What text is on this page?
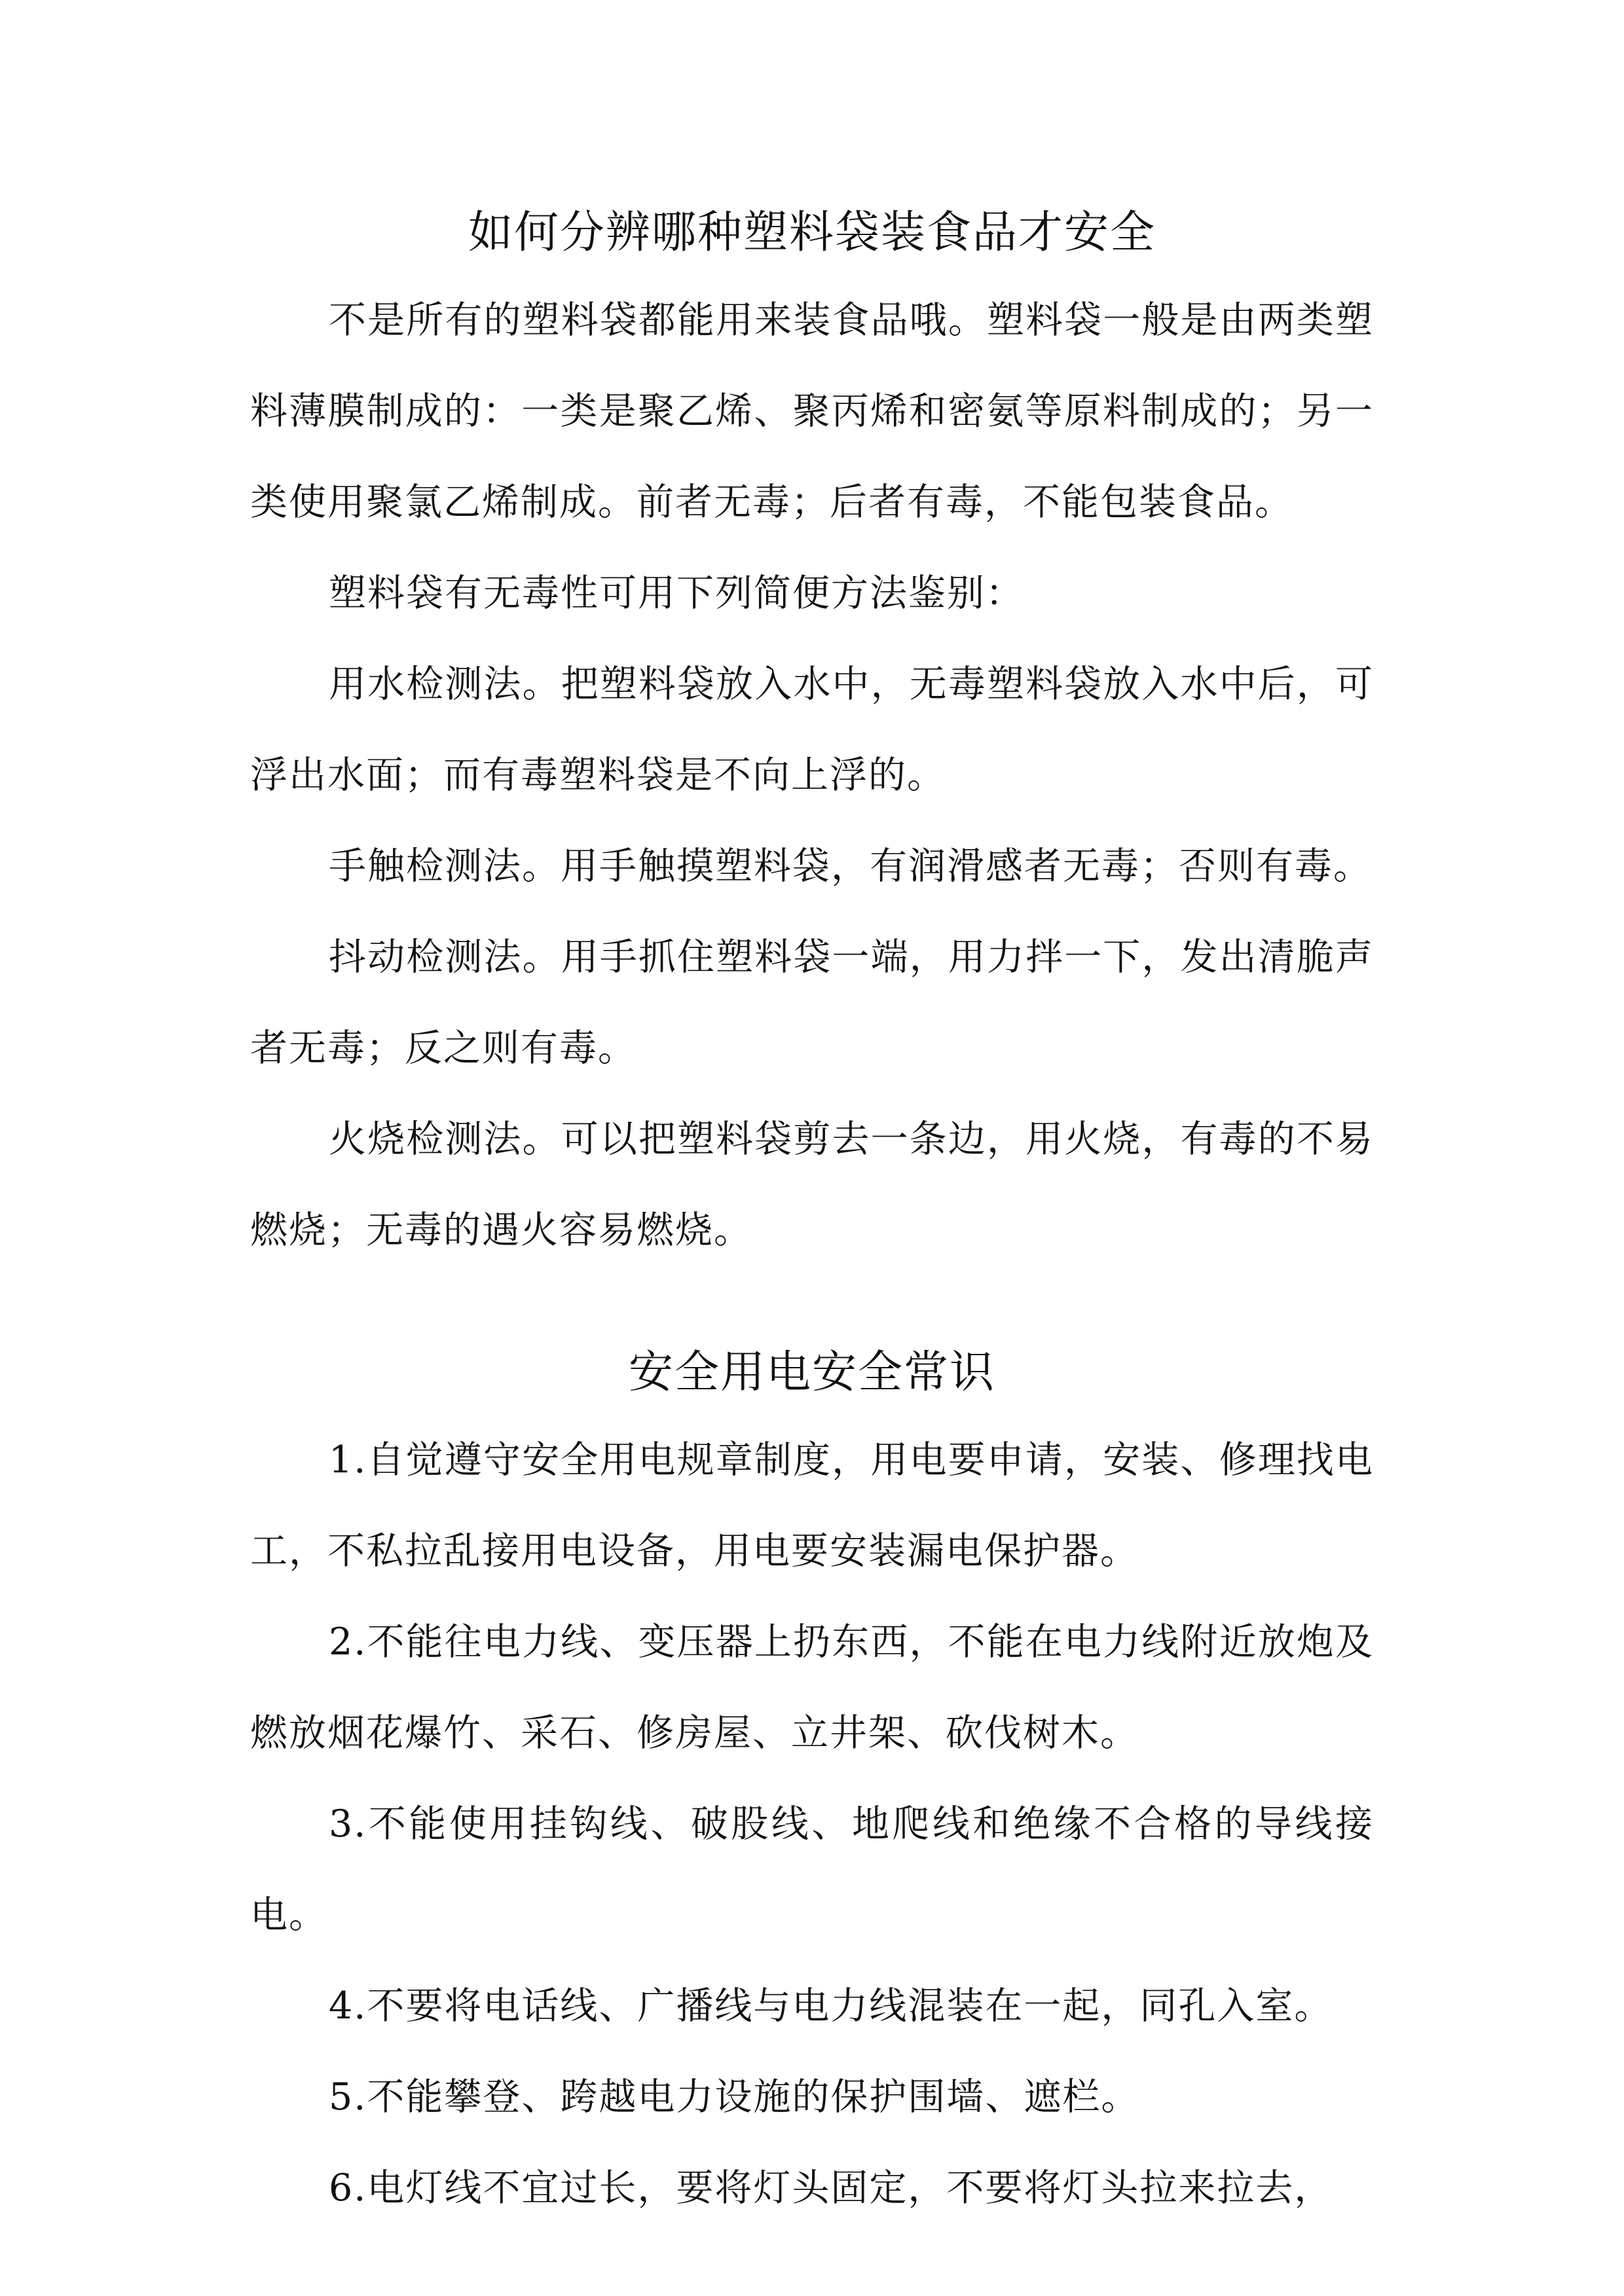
如何分辨哪种塑料袋装食品才安全

不是所有的塑料袋都能用来装食品哦。塑料袋一般是由两类塑料薄膜制成的：一类是聚乙烯、聚丙烯和密氨等原料制成的；另一类使用聚氯乙烯制成。前者无毒；后者有毒，不能包装食品。

塑料袋有无毒性可用下列简便方法鉴别：

用水检测法。把塑料袋放入水中，无毒塑料袋放入水中后，可浮出水面；而有毒塑料袋是不向上浮的。

手触检测法。用手触摸塑料袋，有润滑感者无毒；否则有毒。

抖动检测法。用手抓住塑料袋一端，用力拌一下，发出清脆声者无毒；反之则有毒。

火烧检测法。可以把塑料袋剪去一条边，用火烧，有毒的不易燃烧；无毒的遇火容易燃烧。

安全用电安全常识

1.自觉遵守安全用电规章制度，用电要申请，安装、修理找电工，不私拉乱接用电设备，用电要安装漏电保护器。

2.不能往电力线、变压器上扔东西，不能在电力线附近放炮及燃放烟花爆竹、采石、修房屋、立井架、砍伐树木。

3.不能使用挂钩线、破股线、地爬线和绝缘不合格的导线接电。

4.不要将电话线、广播线与电力线混装在一起，同孔入室。

5.不能攀登、跨越电力设施的保护围墙、遮栏。

6.电灯线不宜过长，要将灯头固定，不要将灯头拉来拉去，
